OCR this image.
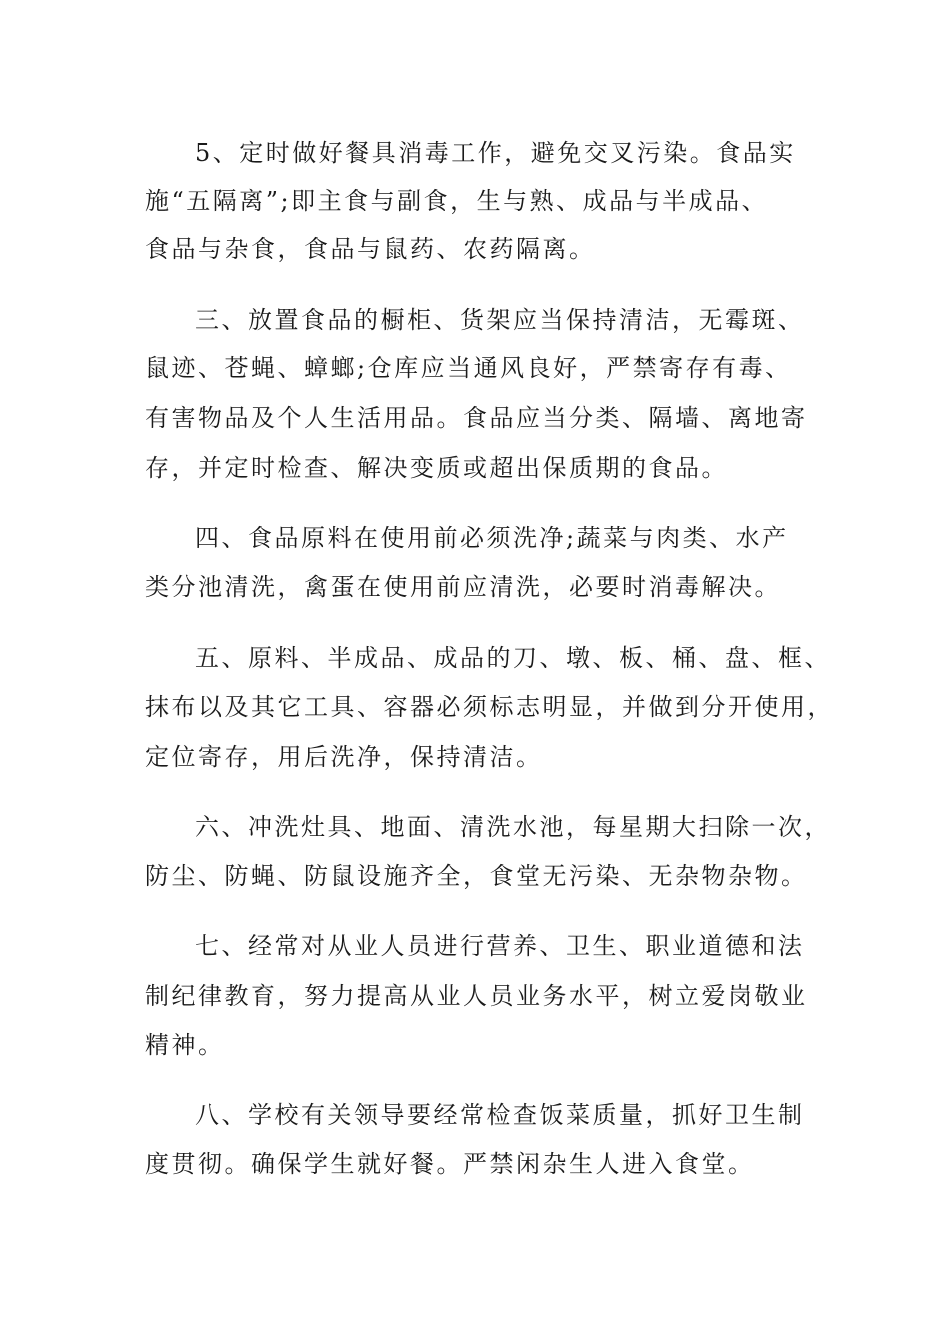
5、定时做好餐具消毒工作，避免交叉污染。食品实
施“五隔离”;即主食与副食，生与熟、成品与半成品、
食品与杂食，食品与鼠药、农药隔离。
三、放置食品的橱柜、货架应当保持清洁，无霉斑、
鼠迹、苍蝇、蟑螂;仓库应当通风良好，严禁寄存有毒、
有害物品及个人生活用品。食品应当分类、隔墙、离地寄
存，并定时检查、解决变质或超出保质期的食品。
四、食品原料在使用前必须洗净;蔬菜与肉类、水产
类分池清洗，禽蛋在使用前应清洗，必要时消毒解决。
五、原料、半成品、成品的刀、墩、板、桶、盘、框、
抹布以及其它工具、容器必须标志明显，并做到分开使用，
定位寄存，用后洗净，保持清洁。
六、冲洗灶具、地面、清洗水池，每星期大扫除一次，
防尘、防蝇、防鼠设施齐全，食堂无污染、无杂物杂物。
七、经常对从业人员进行营养、卫生、职业道德和法
制纪律教育，努力提高从业人员业务水平，树立爱岗敬业
精神。
八、学校有关领导要经常检查饭菜质量，抓好卫生制
度贯彻。确保学生就好餐。严禁闲杂生人进入食堂。
